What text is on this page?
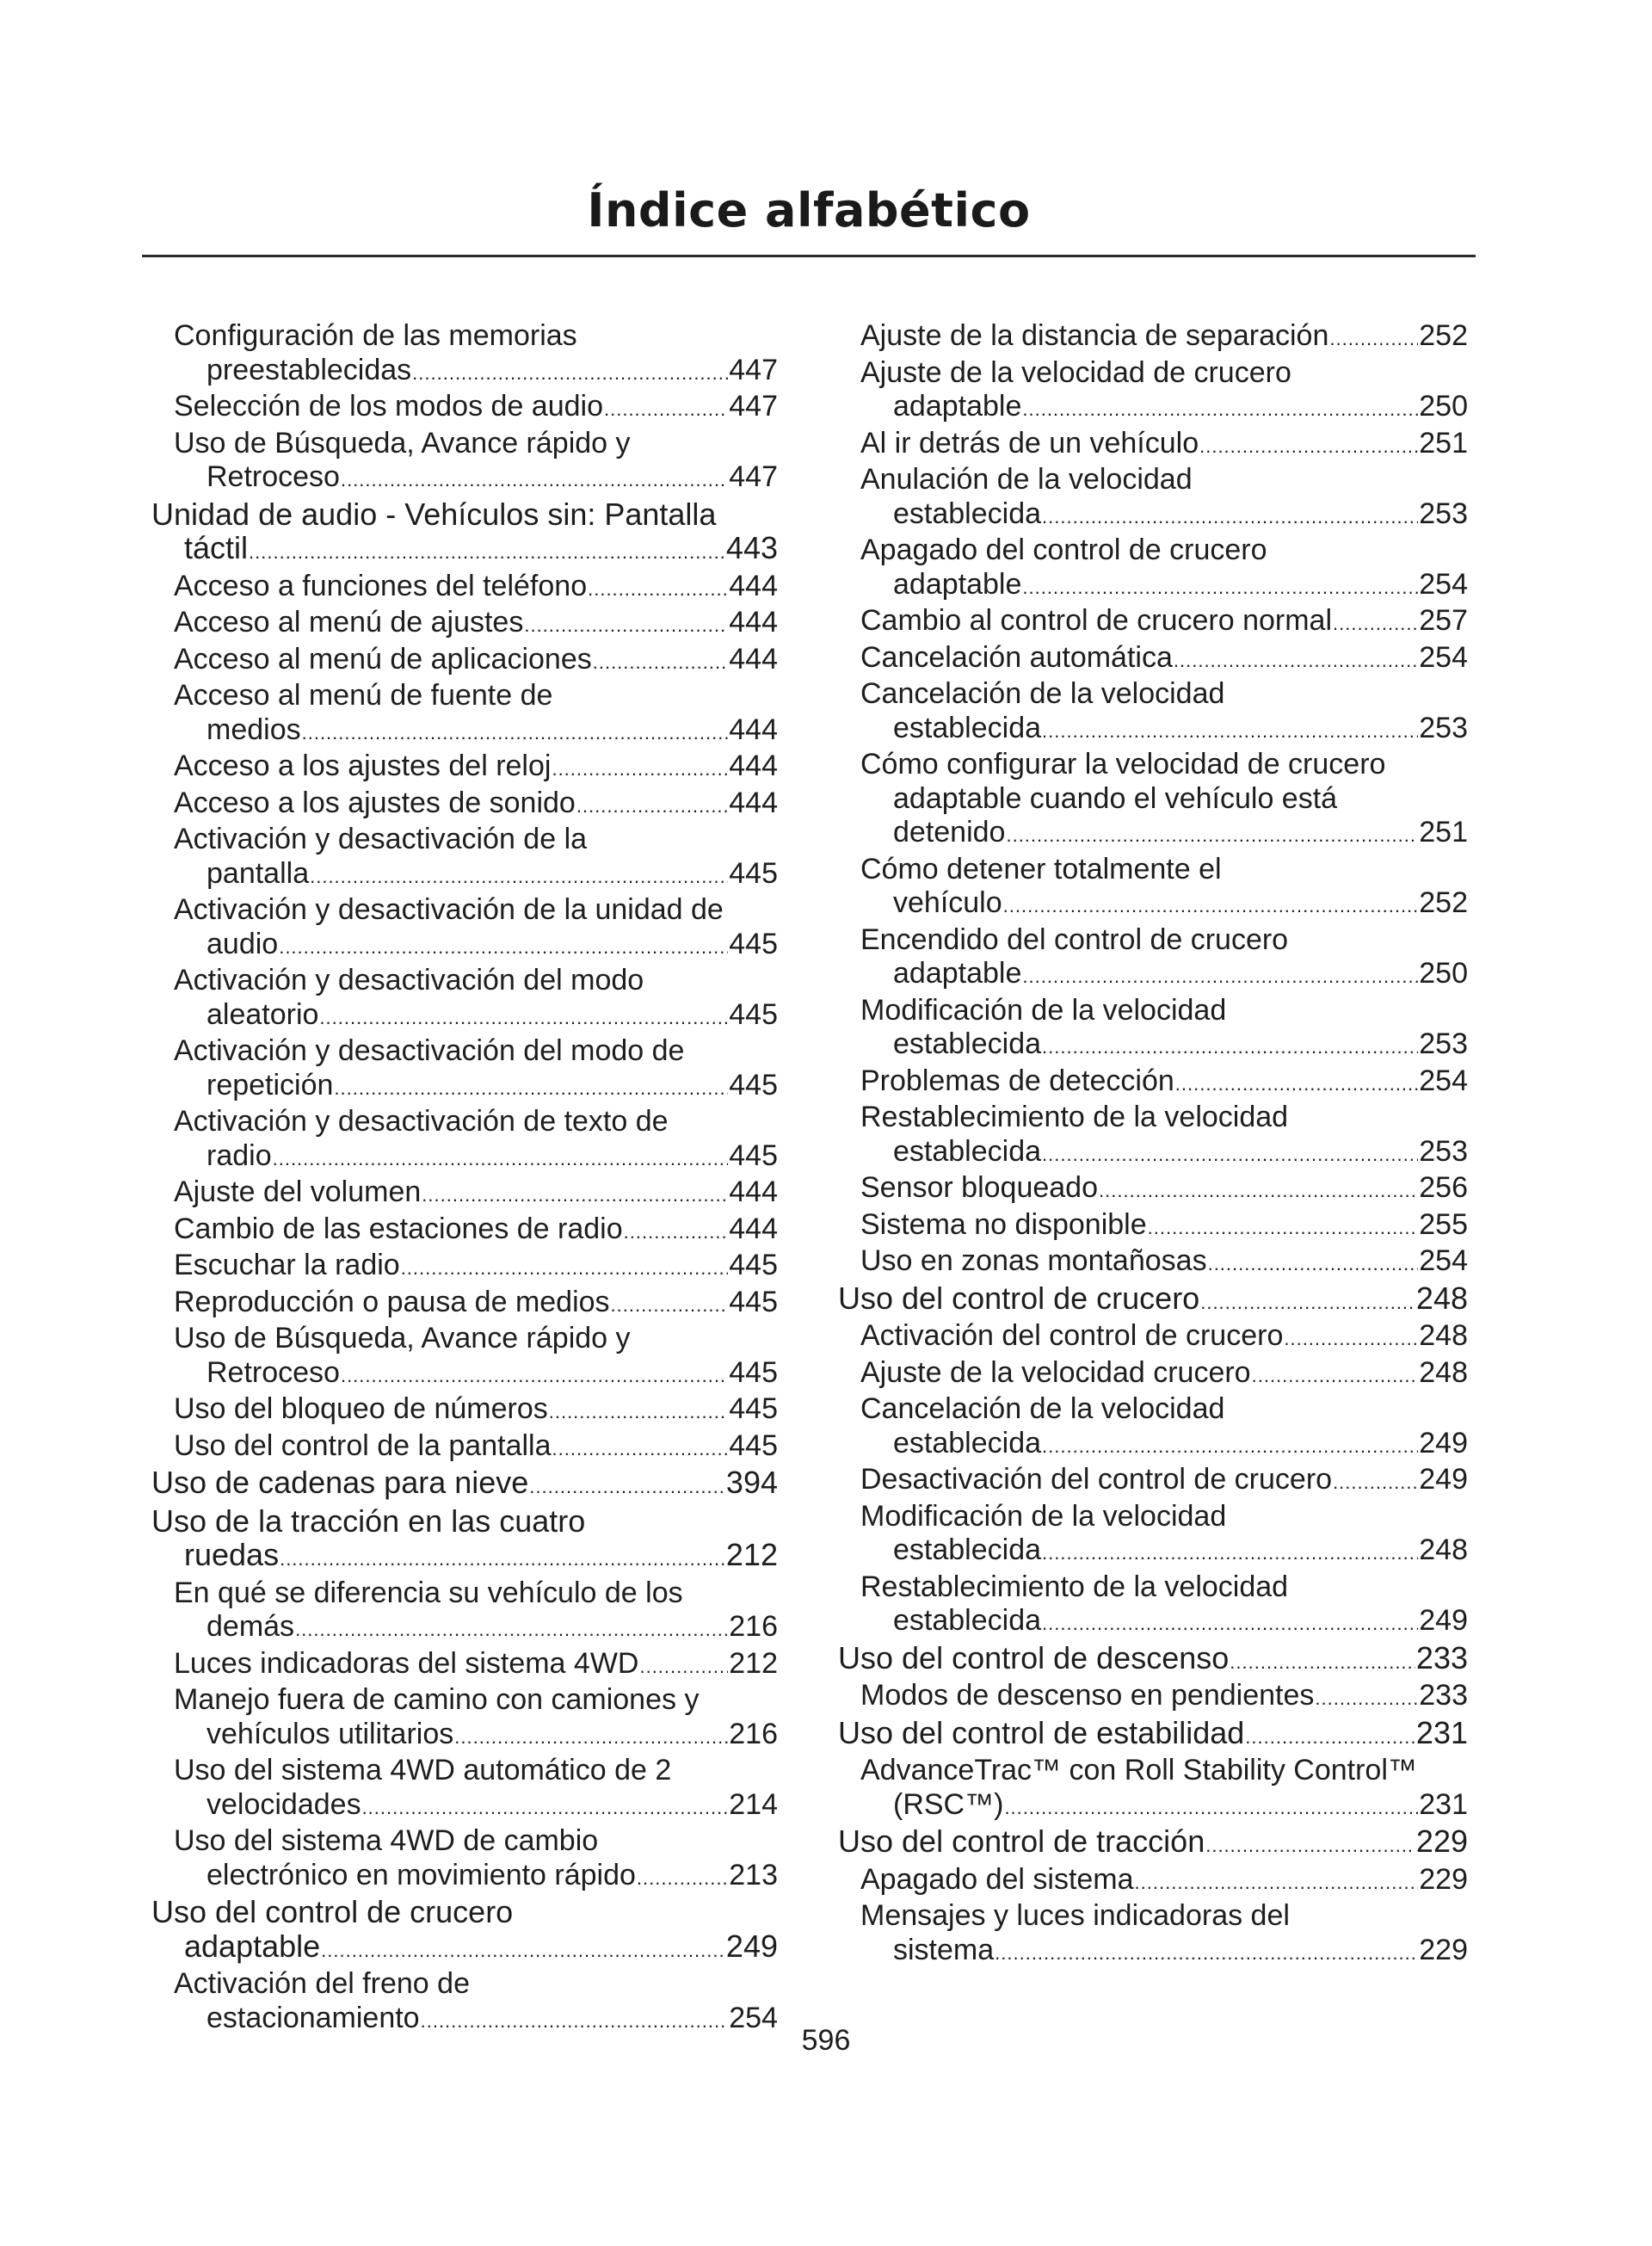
Índice alfabético
Configuración de las memorias
preestablecidas .....	447
Selección de los modos de audio .....	447
Uso de Búsqueda, Avance rápido y
Retroceso .....	447
Unidad de audio - Vehículos sin: Pantalla
táctil .....	443
Acceso a funciones del teléfono .....	444
Acceso al menú de ajustes .....	444
Acceso al menú de aplicaciones .....	444
Acceso al menú de fuente de
medios .....	444
Acceso a los ajustes del reloj .....	444
Acceso a los ajustes de sonido .....	444
Activación y desactivación de la
pantalla .....	445
Activación y desactivación de la unidad de
audio .....	445
Activación y desactivación del modo
aleatorio .....	445
Activación y desactivación del modo de
repetición .....	445
Activación y desactivación de texto de
radio .....	445
Ajuste del volumen .....	444
Cambio de las estaciones de radio .....	444
Escuchar la radio .....	445
Reproducción o pausa de medios .....	445
Uso de Búsqueda, Avance rápido y
Retroceso .....	445
Uso del bloqueo de números .....	445
Uso del control de la pantalla .....	445
Uso de cadenas para nieve .....	394
Uso de la tracción en las cuatro
ruedas .....	212
En qué se diferencia su vehículo de los
demás .....	216
Luces indicadoras del sistema 4WD .....	212
Manejo fuera de camino con camiones y
vehículos utilitarios .....	216
Uso del sistema 4WD automático de 2
velocidades .....	214
Uso del sistema 4WD de cambio
electrónico en movimiento rápido .....	213
Uso del control de crucero
adaptable .....	249
Activación del freno de
estacionamiento .....	254
Ajuste de la distancia de separación .....	252
Ajuste de la velocidad de crucero
adaptable .....	250
Al ir detrás de un vehículo .....	251
Anulación de la velocidad
establecida .....	253
Apagado del control de crucero
adaptable .....	254
Cambio al control de crucero normal .....	257
Cancelación automática .....	254
Cancelación de la velocidad
establecida .....	253
Cómo configurar la velocidad de crucero
adaptable cuando el vehículo está
detenido .....	251
Cómo detener totalmente el
vehículo .....	252
Encendido del control de crucero
adaptable .....	250
Modificación de la velocidad
establecida .....	253
Problemas de detección .....	254
Restablecimiento de la velocidad
establecida .....	253
Sensor bloqueado .....	256
Sistema no disponible .....	255
Uso en zonas montañosas .....	254
Uso del control de crucero .....	248
Activación del control de crucero .....	248
Ajuste de la velocidad crucero .....	248
Cancelación de la velocidad
establecida .....	249
Desactivación del control de crucero .....	249
Modificación de la velocidad
establecida .....	248
Restablecimiento de la velocidad
establecida .....	249
Uso del control de descenso .....	233
Modos de descenso en pendientes .....	233
Uso del control de estabilidad .....	231
AdvanceTrac™ con Roll Stability Control™
(RSC™) .....	231
Uso del control de tracción .....	229
Apagado del sistema .....	229
Mensajes y luces indicadoras del
sistema .....	229
596
